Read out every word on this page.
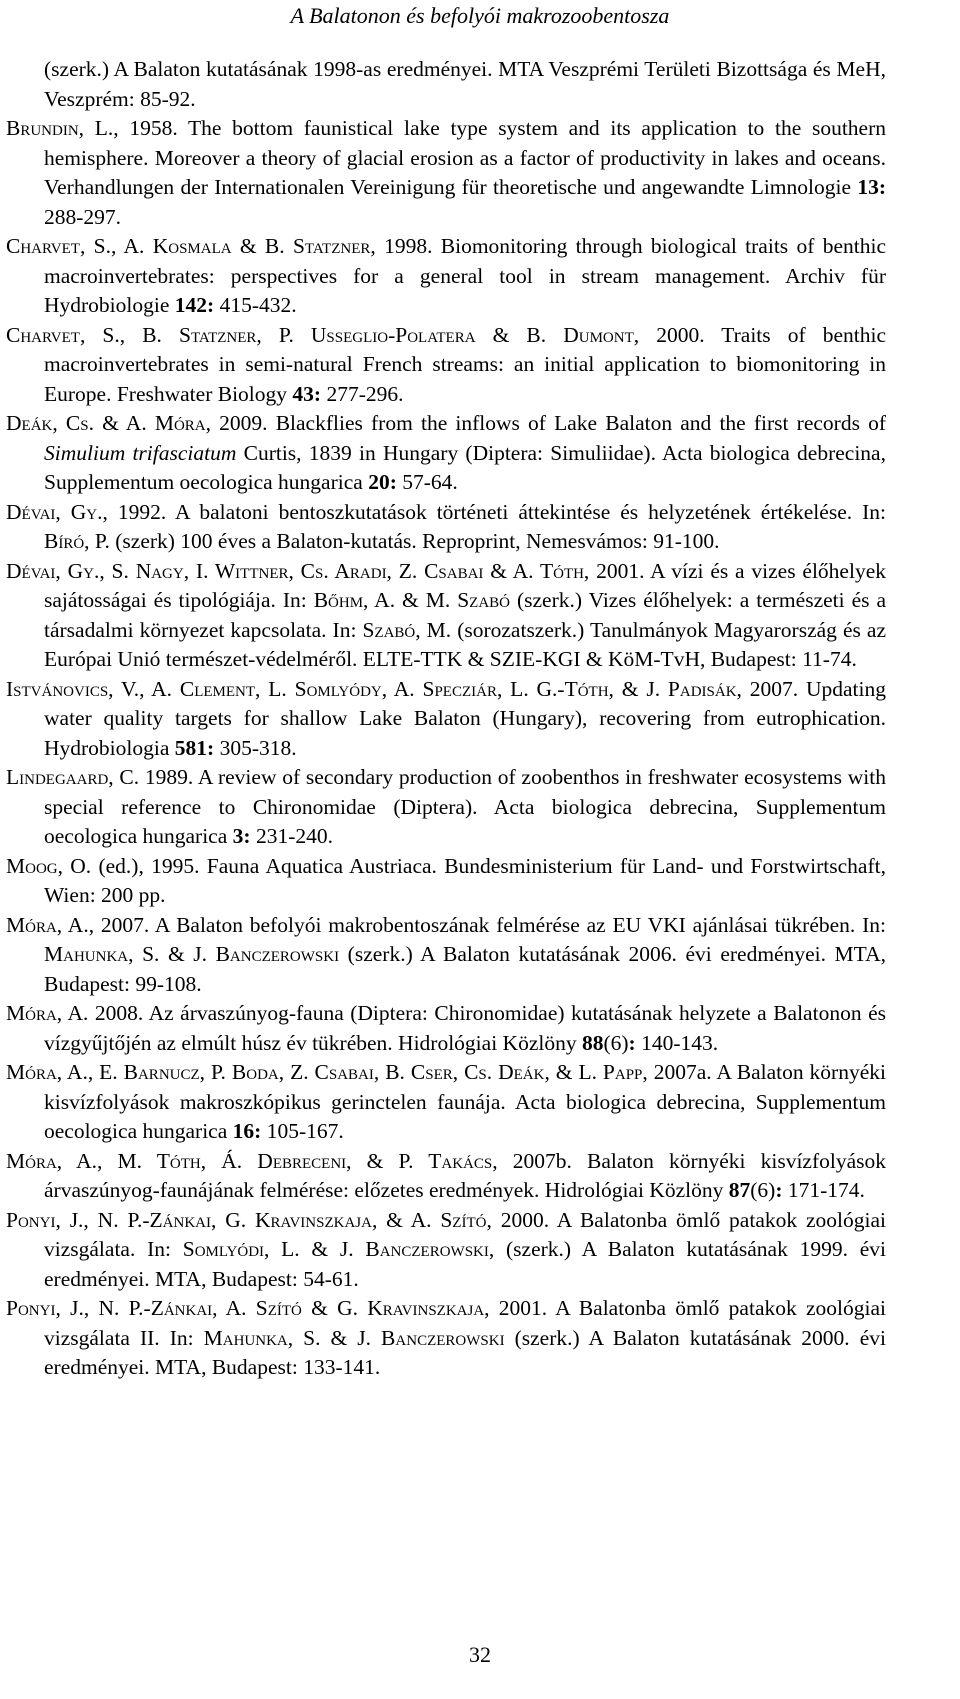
A Balatonon és befolyói makrozoobentosza

(szerk.) A Balaton kutatásának 1998-as eredményei. MTA Veszprémi Területi Bizottsága és MeH, Veszprém: 85-92.

Brundin, L., 1958. The bottom faunistical lake type system and its application to the southern hemisphere. Moreover a theory of glacial erosion as a factor of productivity in lakes and oceans. Verhandlungen der Internationalen Vereinigung für theoretische und angewandte Limnologie 13: 288-297.

Charvet, S., A. Kosmala & B. Statzner, 1998. Biomonitoring through biological traits of benthic macroinvertebrates: perspectives for a general tool in stream management. Archiv für Hydrobiologie 142: 415-432.

Charvet, S., B. Statzner, P. Usseglio-Polatera & B. Dumont, 2000. Traits of benthic macroinvertebrates in semi-natural French streams: an initial application to biomonitoring in Europe. Freshwater Biology 43: 277-296.

Deák, Cs. & A. Móra, 2009. Blackflies from the inflows of Lake Balaton and the first records of Simulium trifasciatum Curtis, 1839 in Hungary (Diptera: Simuliidae). Acta biologica debrecina, Supplementum oecologica hungarica 20: 57-64.

Dévai, Gy., 1992. A balatoni bentoszkutatások történeti áttekintése és helyzetének értékelése. In: Bíró, P. (szerk) 100 éves a Balaton-kutatás. Reproprint, Nemesvámos: 91-100.

Dévai, Gy., S. Nagy, I. Wittner, Cs. Aradi, Z. Csabai & A. Tóth, 2001. A vízi és a vizes élőhelyek sajátosságai és tipológiája. In: Bőhm, A. & M. Szabó (szerk.) Vizes élőhelyek: a természeti és a társadalmi környezet kapcsolata. In: Szabó, M. (sorozatszerk.) Tanulmányok Magyarország és az Európai Unió természet-védelméről. ELTE-TTK & SZIE-KGI & KöM-TvH, Budapest: 11-74.

Istvánovics, V., A. Clement, L. Somlyódy, A. Specziár, L. G.-Tóth, & J. Padisák, 2007. Updating water quality targets for shallow Lake Balaton (Hungary), recovering from eutrophication. Hydrobiologia 581: 305-318.

Lindegaard, C. 1989. A review of secondary production of zoobenthos in freshwater ecosystems with special reference to Chironomidae (Diptera). Acta biologica debrecina, Supplementum oecologica hungarica 3: 231-240.

Moog, O. (ed.), 1995. Fauna Aquatica Austriaca. Bundesministerium für Land- und Forstwirtschaft, Wien: 200 pp.

Móra, A., 2007. A Balaton befolyói makrobentoszának felmérése az EU VKI ajánlásai tükrében. In: Mahunka, S. & J. Banczerowski (szerk.) A Balaton kutatásának 2006. évi eredményei. MTA, Budapest: 99-108.

Móra, A. 2008. Az árvaszúnyog-fauna (Diptera: Chironomidae) kutatásának helyzete a Balatonon és vízgyűjtőjén az elmúlt húsz év tükrében. Hidrológiai Közlöny 88(6): 140-143.

Móra, A., E. Barnucz, P. Boda, Z. Csabai, B. Cser, Cs. Deák, & L. Papp, 2007a. A Balaton környéki kisvízfolyások makroszkópikus gerinctelen faunája. Acta biologica debrecina, Supplementum oecologica hungarica 16: 105-167.

Móra, A., M. Tóth, Á. Debreceni, & P. Takács, 2007b. Balaton környéki kisvízfolyások árvaszúnyog-faunájának felmérése: előzetes eredmények. Hidrológiai Közlöny 87(6): 171-174.

Ponyi, J., N. P.-Zánkai, G. Kravinszkaja, & A. Szító, 2000. A Balatonba ömlő patakok zoológiai vizsgálata. In: Somlyódi, L. & J. Banczerowski, (szerk.) A Balaton kutatásának 1999. évi eredményei. MTA, Budapest: 54-61.

Ponyi, J., N. P.-Zánkai, A. Szító & G. Kravinszkaja, 2001. A Balatonba ömlő patakok zoológiai vizsgálata II. In: Mahunka, S. & J. Banczerowski (szerk.) A Balaton kutatásának 2000. évi eredményei. MTA, Budapest: 133-141.

32
